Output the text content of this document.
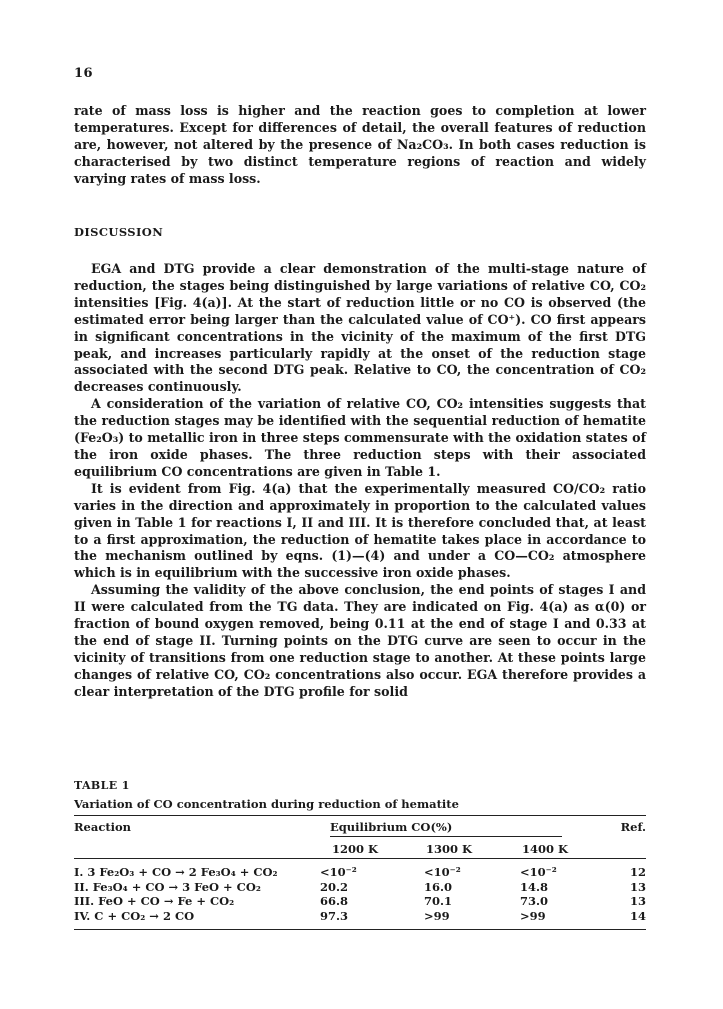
16

rate of mass loss is higher and the reaction goes to completion at lower temperatures. Except for differences of detail, the overall features of reduction are, however, not altered by the presence of Na₂CO₃. In both cases reduction is characterised by two distinct temperature regions of reaction and widely varying rates of mass loss.

DISCUSSION

EGA and DTG provide a clear demonstration of the multi-stage nature of reduction, the stages being distinguished by large variations of relative CO, CO₂ intensities [Fig. 4(a)]. At the start of reduction little or no CO is observed (the estimated error being larger than the calculated value of CO⁺). CO first appears in significant concentrations in the vicinity of the maximum of the first DTG peak, and increases particularly rapidly at the onset of the reduction stage associated with the second DTG peak. Relative to CO, the concentration of CO₂ decreases continuously.

A consideration of the variation of relative CO, CO₂ intensities suggests that the reduction stages may be identified with the sequential reduction of hematite (Fe₂O₃) to metallic iron in three steps commensurate with the oxidation states of the iron oxide phases. The three reduction steps with their associated equilibrium CO concentrations are given in Table 1.

It is evident from Fig. 4(a) that the experimentally measured CO/CO₂ ratio varies in the direction and approximately in proportion to the calculated values given in Table 1 for reactions I, II and III. It is therefore concluded that, at least to a first approximation, the reduction of hematite takes place in accordance to the mechanism outlined by eqns. (1)—(4) and under a CO—CO₂ atmosphere which is in equilibrium with the successive iron oxide phases.

Assuming the validity of the above conclusion, the end points of stages I and II were calculated from the TG data. They are indicated on Fig. 4(a) as α(0) or fraction of bound oxygen removed, being 0.11 at the end of stage I and 0.33 at the end of stage II. Turning points on the DTG curve are seen to occur in the vicinity of transitions from one reduction stage to another. At these points large changes of relative CO, CO₂ concentrations also occur. EGA therefore provides a clear interpretation of the DTG profile for solid

TABLE 1
Variation of CO concentration during reduction of hematite
Reaction	Equilibrium CO(%)	Ref.
1200 K	1300 K	1400 K
I. 3 Fe₂O₃ + CO → 2 Fe₃O₄ + CO₂	<10⁻²	<10⁻²	<10⁻²	12
II. Fe₃O₄ + CO → 3 FeO + CO₂	20.2	16.0	14.8	13
III. FeO + CO → Fe + CO₂	66.8	70.1	73.0	13
IV. C + CO₂ → 2 CO	97.3	>99	>99	14
